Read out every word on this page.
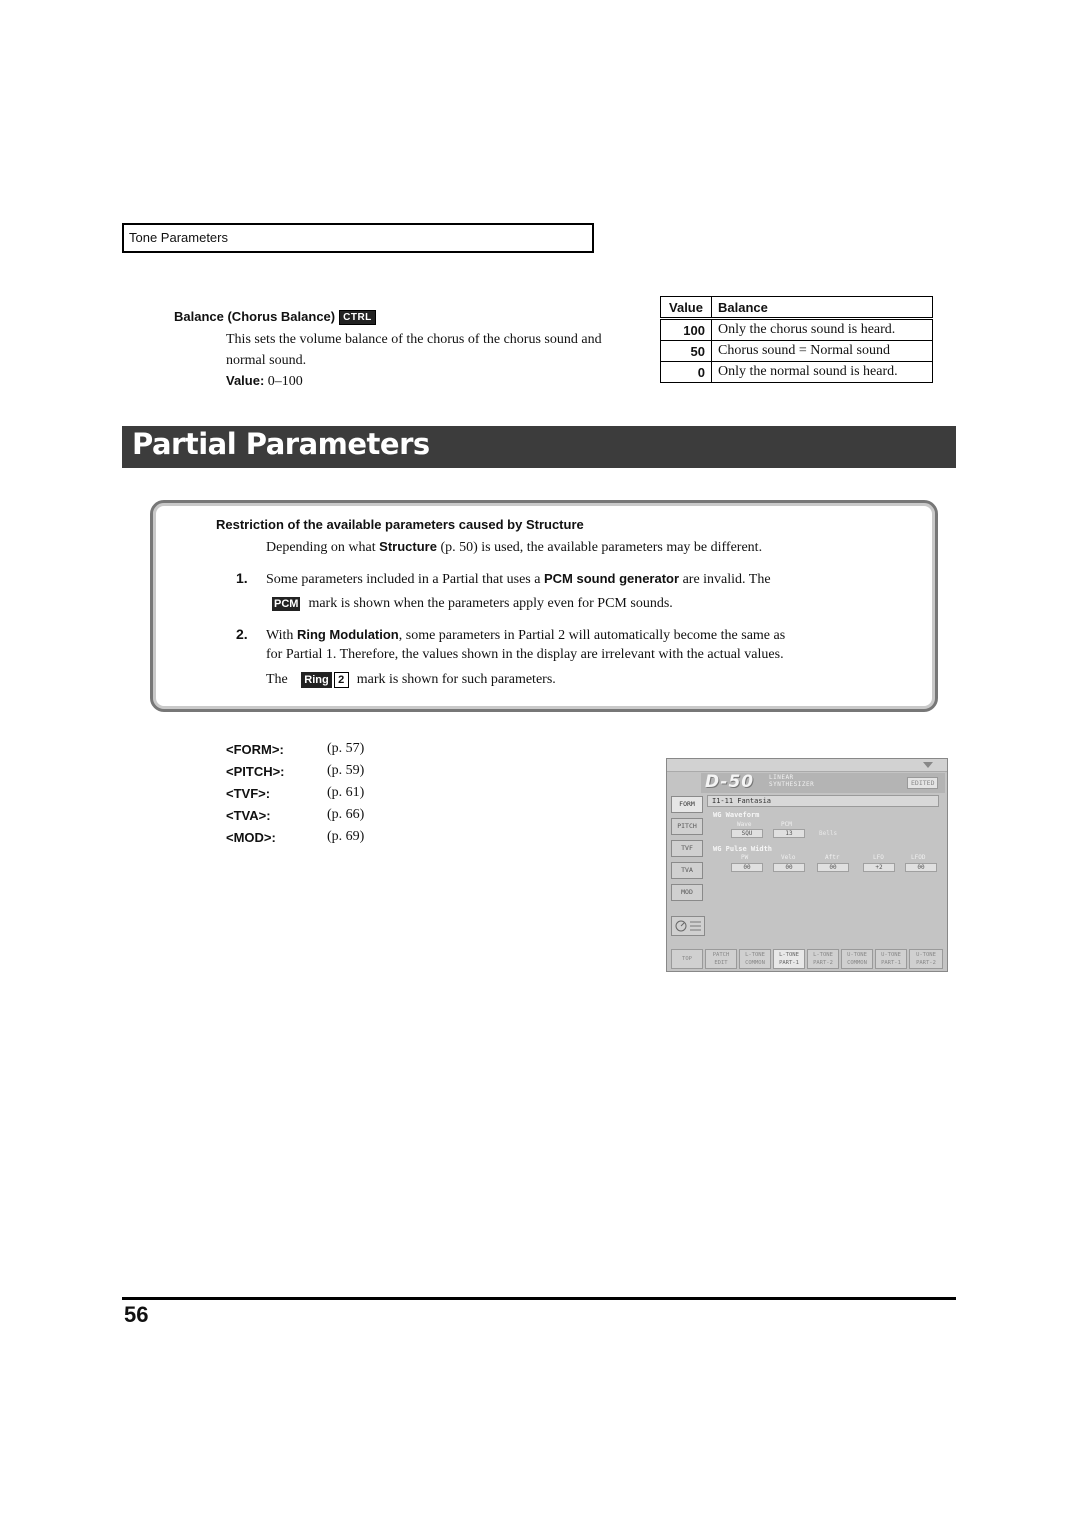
Tone Parameters
Balance (Chorus Balance) CTRL
This sets the volume balance of the chorus of the chorus sound and normal sound.
Value: 0–100
Value	Balance
100	Only the chorus sound is heard.
50	Chorus sound = Normal sound
0	Only the normal sound is heard.
Partial Parameters
Restriction of the available parameters caused by Structure
Depending on what Structure (p. 50) is used, the available parameters may be different.
1. Some parameters included in a Partial that uses a PCM sound generator are invalid. The
PCM mark is shown when the parameters apply even for PCM sounds.
2. With Ring Modulation, some parameters in Partial 2 will automatically become the same as
for Partial 1. Therefore, the values shown in the display are irrelevant with the actual values.
The Ring 2 mark is shown for such parameters.
<FORM>:	(p. 57)
<PITCH>:	(p. 59)
<TVF>:	(p. 61)
<TVA>:	(p. 66)
<MOD>:	(p. 69)
D-50 LINEAR
SYNTHESIZER	EDITED
FORM
PITCH
TVF
TVA
MOD
I1-11 Fantasia
WG Waveform
Wave	PCM
SQU	13	Bells
WG Pulse Width
PW	Velo	Aftr	LFO	LFOD
00	00	00	+2	00
TOP
PATCH
EDIT
L-TONE
COMMON
L-TONE
PART-1
L-TONE
PART-2
U-TONE
COMMON
U-TONE
PART-1
U-TONE
PART-2
56
